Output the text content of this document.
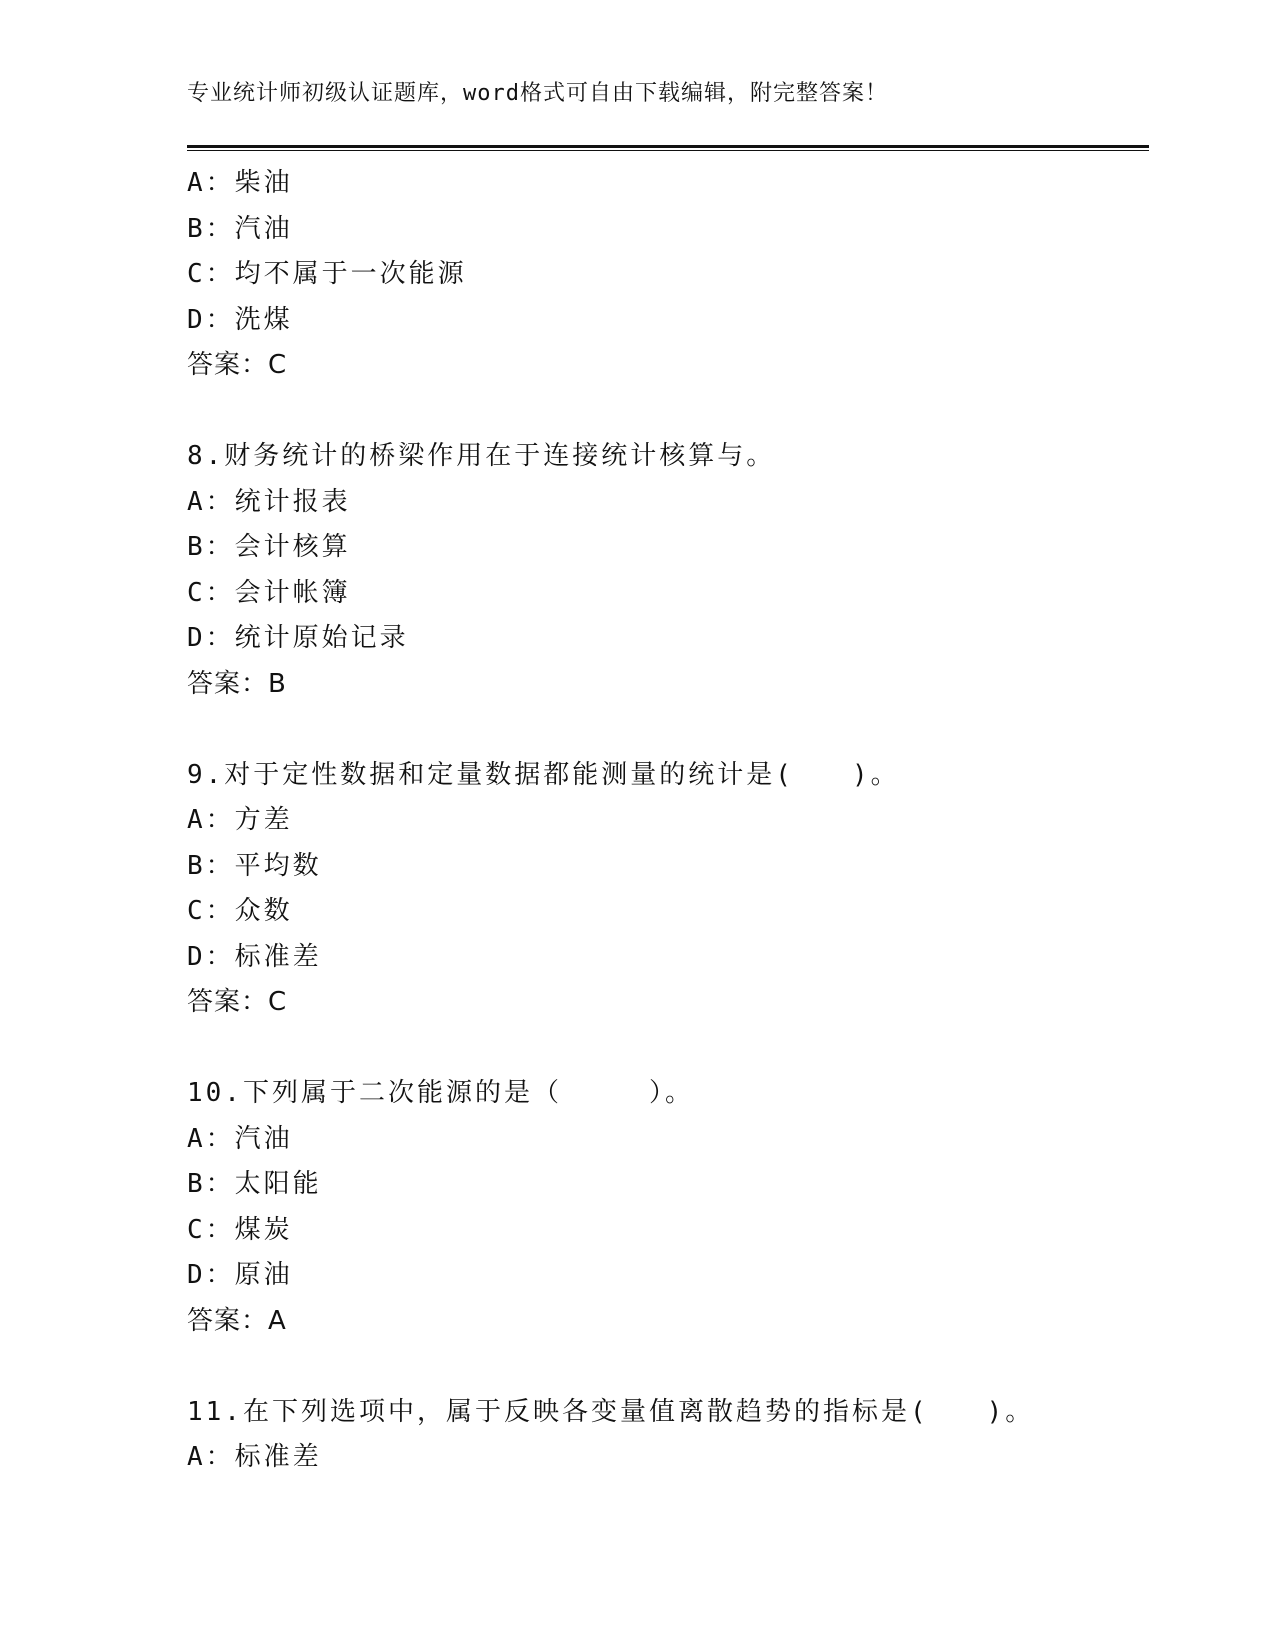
专业统计师初级认证题库，word格式可自由下载编辑，附完整答案！
A：柴油
B：汽油
C：均不属于一次能源
D：洗煤
答案：C
8.财务统计的桥梁作用在于连接统计核算与。
A：统计报表
B：会计核算
C：会计帐簿
D：统计原始记录
答案：B
9.对于定性数据和定量数据都能测量的统计是(　　)。
A：方差
B：平均数
C：众数
D：标准差
答案：C
10.下列属于二次能源的是（　　　）。
A：汽油
B：太阳能
C：煤炭
D：原油
答案：A
11.在下列选项中，属于反映各变量值离散趋势的指标是(　　)。
A：标准差
